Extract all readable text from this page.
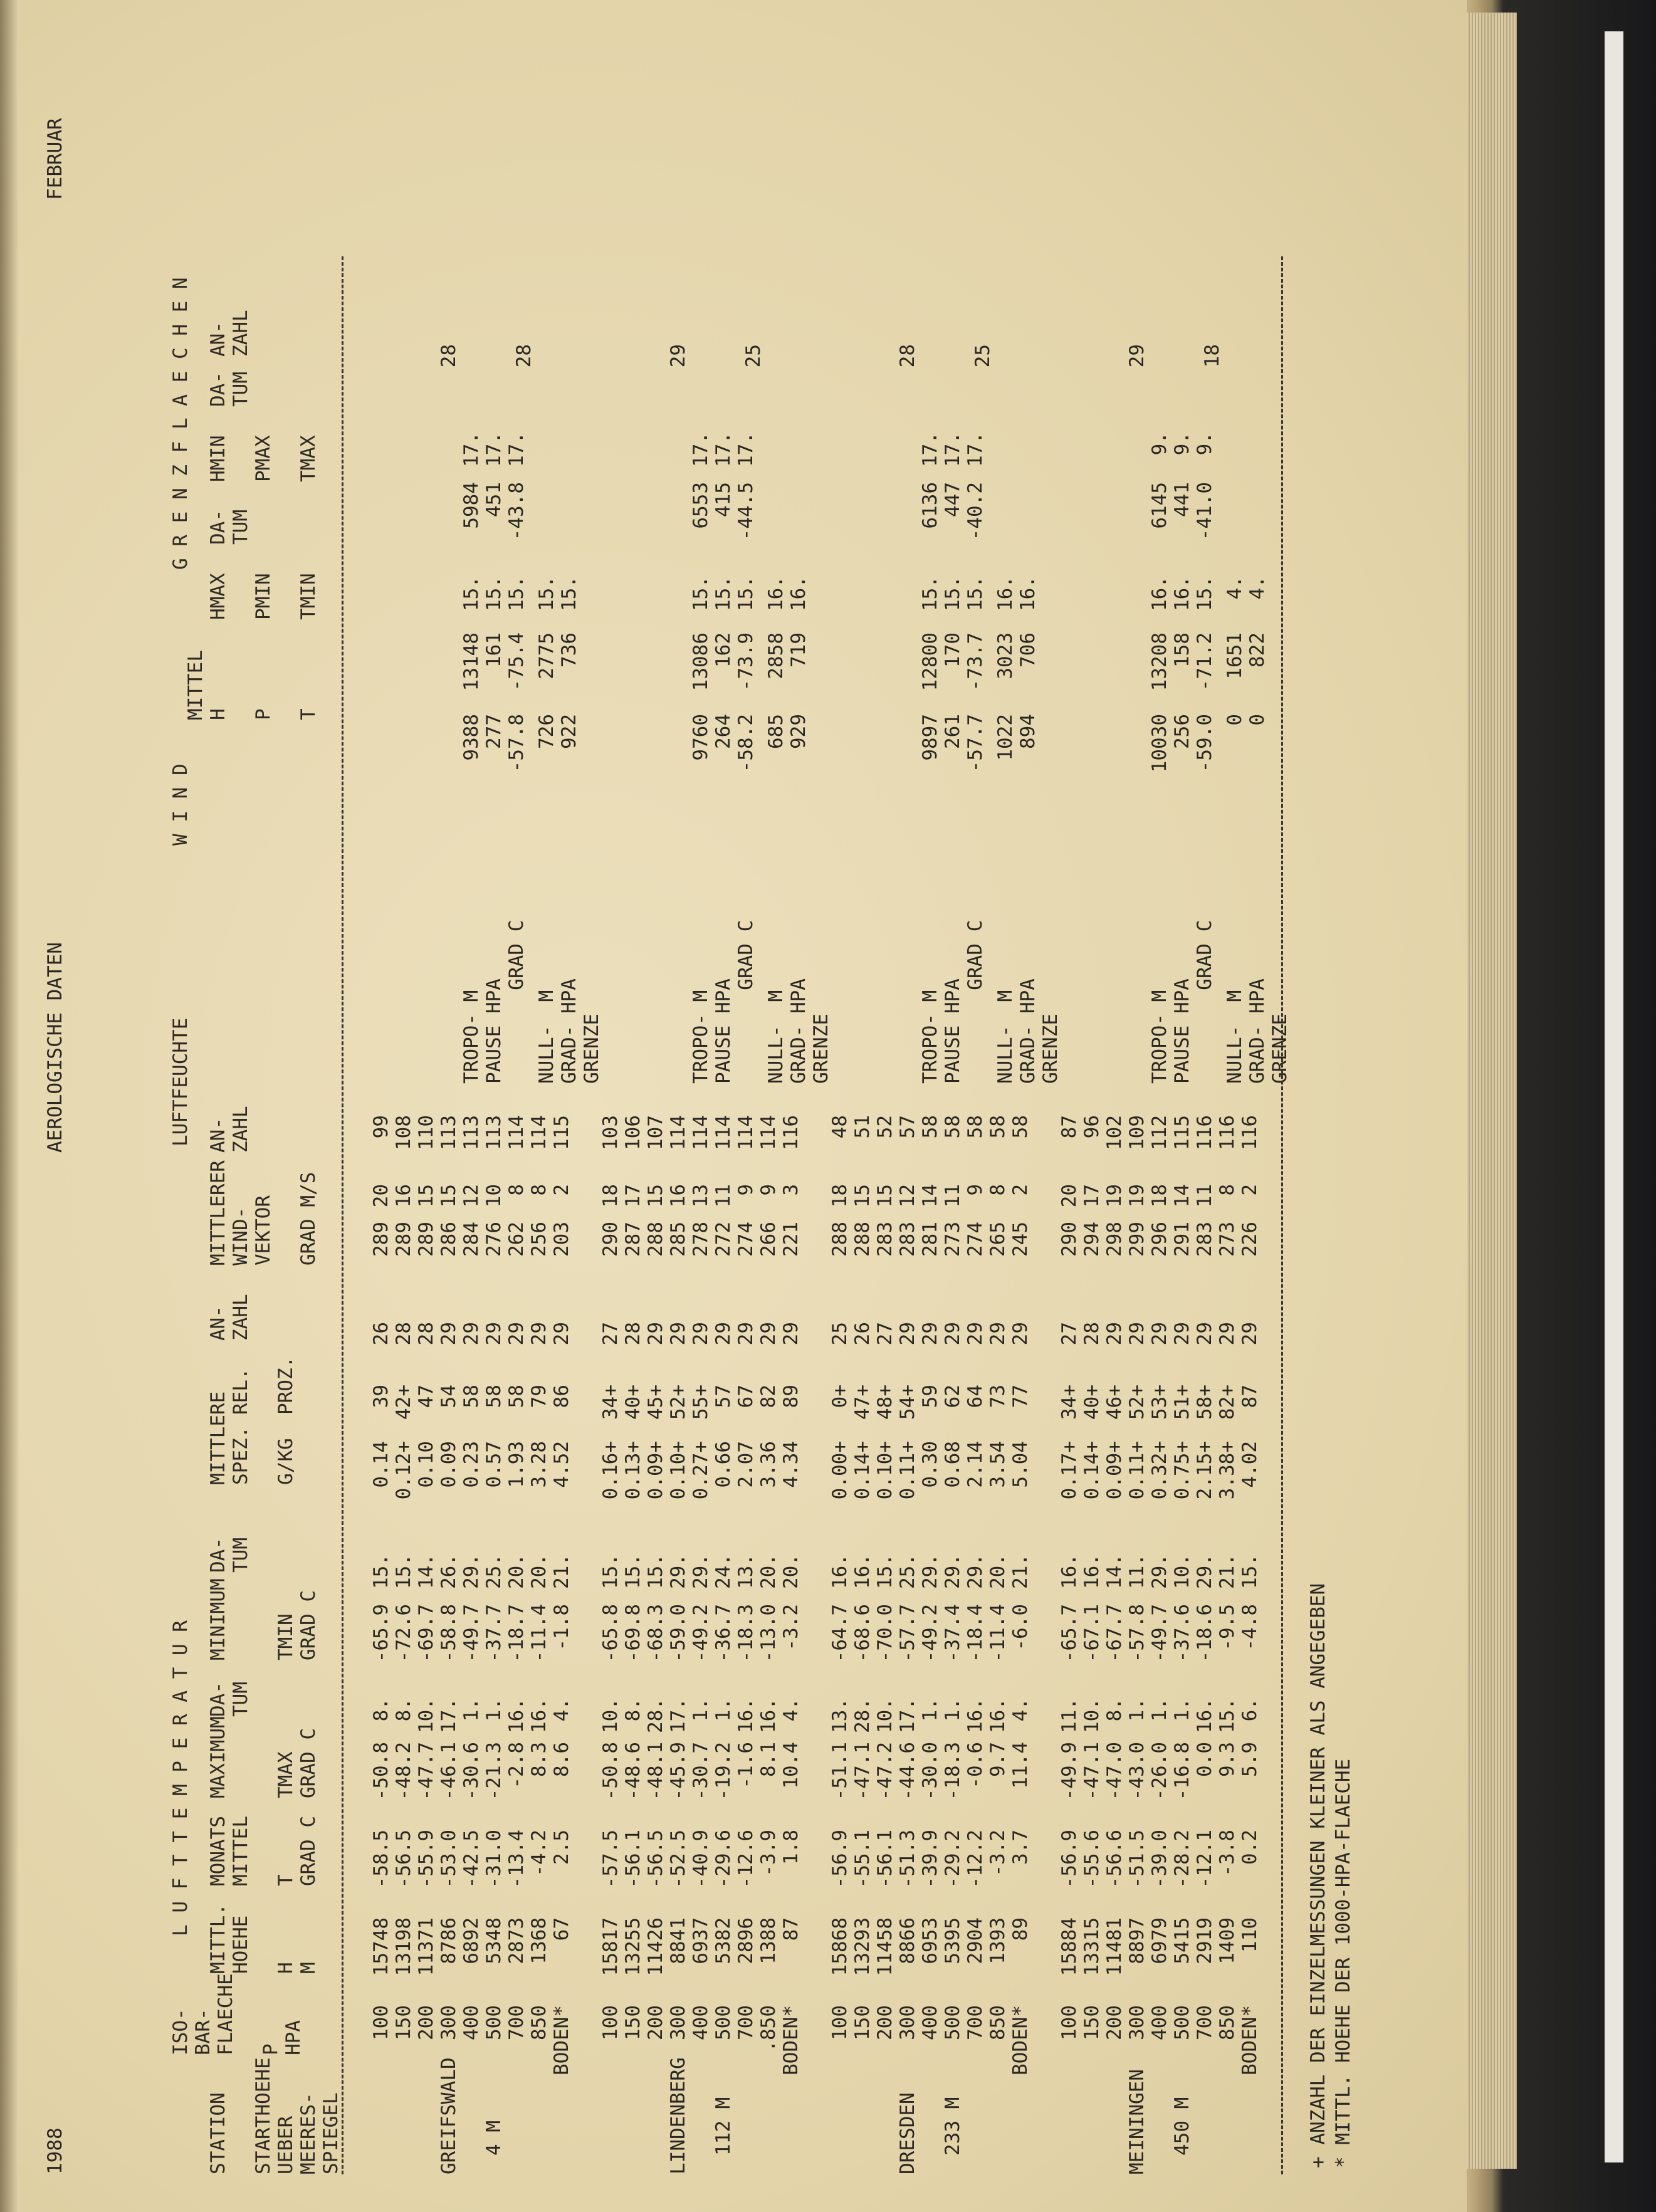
1988
AEROLOGISCHE DATEN
FEBRUAR
L U F T T E M P E R A T U R
LUFTFEUCHTE
W I N D
G R E N Z F L A E C H E N
STATION STARTHOEHE UEBER MEERES- SPIEGEL
ISO- BAR- FLAECHE P HPA
MITTL. HOEHE H M
MONATS MITTEL T GRAD C
MAXIMUM TMAX GRAD C
DA- TUM
MINIMUM TMIN GRAD C
DA- TUM
MITTLERE SPEZ. REL. G/KG  PROZ.
AN- ZAHL
MITTLERER WIND- VEKTOR GRAD M/S
AN- ZAHL
MITTEL H P T
HMAX PMIN TMIN
DA- TUM
HMIN PMAX TMAX
DA- TUM
AN- ZAHL
100
15748
-58.5
-50.8
8.
-65.9
15.
0.14
39
26
289
20
99
150
13198
-56.5
-48.2
8.
-72.6
15.
0.12+
42+
28
289
16
108
200
11371
-55.9
-47.7
10.
-69.7
14.
0.10
47
28
289
15
110
300
8786
-53.0
-46.1
17.
-58.8
26.
0.09
54
29
286
15
113
400
6892
-42.5
-30.6
1.
-49.7
29.
0.23
58
29
284
12
113
500
5348
-31.0
-21.3
1.
-37.7
25.
0.57
58
29
276
10
113
700
2873
-13.4
-2.8
16.
-18.7
20.
1.93
58
29
262
8
114
850
1368
-4.2
8.3
16.
-11.4
20.
3.28
79
29
256
8
114
BODEN*
67
2.5
8.6
4.
-1.8
21.
4.52
86
29
203
2
115
GREIFSWALD 4 M
TROPO- M PAUSE HPA GRAD C
9388
13148
15.
5984
17.
277
161
15.
451
17.
-57.8
-75.4
15.
-43.8
17.
28
NULL-  M GRAD- HPA GRENZE
726
2775
15.
922
736
15.
28
100
15817
-57.5
-50.8
10.
-65.8
15.
0.16+
34+
27
290
18
103
150
13255
-56.1
-48.6
8.
-69.8
15.
0.13+
40+
28
287
17
106
200
11426
-56.5
-48.1
28.
-68.3
15.
0.09+
45+
29
288
15
107
300
8841
-52.5
-45.9
17.
-59.0
29.
0.10+
52+
29
285
16
114
400
6937
-40.9
-30.7
1.
-49.2
29.
0.27+
55+
29
278
13
114
500
5382
-29.6
-19.2
1.
-36.7
24.
0.66
57
29
272
11
114
700
2896
-12.6
-1.6
16.
-18.3
13.
2.07
67
29
274
9
114
.850
1388
-3.9
8.1
16.
-13.0
20.
3.36
82
29
266
9
114
BODEN*
87
1.8
10.4
4.
-3.2
20.
4.34
89
29
221
3
116
LINDENBERG 112 M
TROPO- M PAUSE HPA GRAD C
9760
13086
15.
6553
17.
264
162
15.
415
17.
-58.2
-73.9
15.
-44.5
17.
29
NULL-  M GRAD- HPA GRENZE
685
2858
16.
929
719
16.
25
100
15868
-56.9
-51.1
13.
-64.7
16.
0.00+
0+
25
288
18
48
150
13293
-55.1
-47.1
28.
-68.6
16.
0.14+
47+
26
288
15
51
200
11458
-56.1
-47.2
10.
-70.0
15.
0.10+
48+
27
283
15
52
300
8866
-51.3
-44.6
17.
-57.7
25.
0.11+
54+
29
283
12
57
400
6953
-39.9
-30.0
1.
-49.2
29.
0.30
59
29
281
14
58
500
5395
-29.2
-18.3
1.
-37.4
29.
0.68
62
29
273
11
58
700
2904
-12.2
-0.6
16.
-18.4
29.
2.14
64
29
274
9
58
850
1393
-3.2
9.7
16.
-11.4
20.
3.54
73
29
265
8
58
BODEN*
89
3.7
11.4
4.
-6.0
21.
5.04
77
29
245
2
58
DRESDEN 233 M
TROPO- M PAUSE HPA GRAD C
9897
12800
15.
6136
17.
261
170
15.
447
17.
-57.7
-73.7
15.
-40.2
17.
28
NULL-  M GRAD- HPA GRENZE
1022
3023
16.
894
706
16.
25
100
15884
-56.9
-49.9
11.
-65.7
16.
0.17+
34+
27
290
20
87
150
13315
-55.6
-47.1
10.
-67.1
16.
0.14+
40+
28
294
17
96
200
11481
-56.6
-47.0
8.
-67.7
14.
0.09+
46+
29
298
19
102
300
8897
-51.5
-43.0
1.
-57.8
11.
0.11+
52+
29
299
19
109
400
6979
-39.0
-26.0
1.
-49.7
29.
0.32+
53+
29
296
18
112
500
5415
-28.2
-16.8
1.
-37.6
10.
0.75+
51+
29
291
14
115
700
2919
-12.1
0.0
16.
-18.6
29.
2.15+
58+
29
283
11
116
850
1409
-3.8
9.3
15.
-9.5
21.
3.38+
82+
29
273
8
116
BODEN*
110
0.2
5.9
6.
-4.8
15.
4.02
87
29
226
2
116
MEININGEN 450 M
TROPO- M PAUSE HPA GRAD C
10030
13208
16.
6145
9.
256
158
16.
441
9.
-59.0
-71.2
15.
-41.0
9.
29
NULL-  M GRAD- HPA GRENZE
0
1651
4.
0
822
4.
18
+ ANZAHL DER EINZELMESSUNGEN KLEINER ALS ANGEGEBEN * MITTL. HOEHE DER 1000-HPA-FLAECHE
